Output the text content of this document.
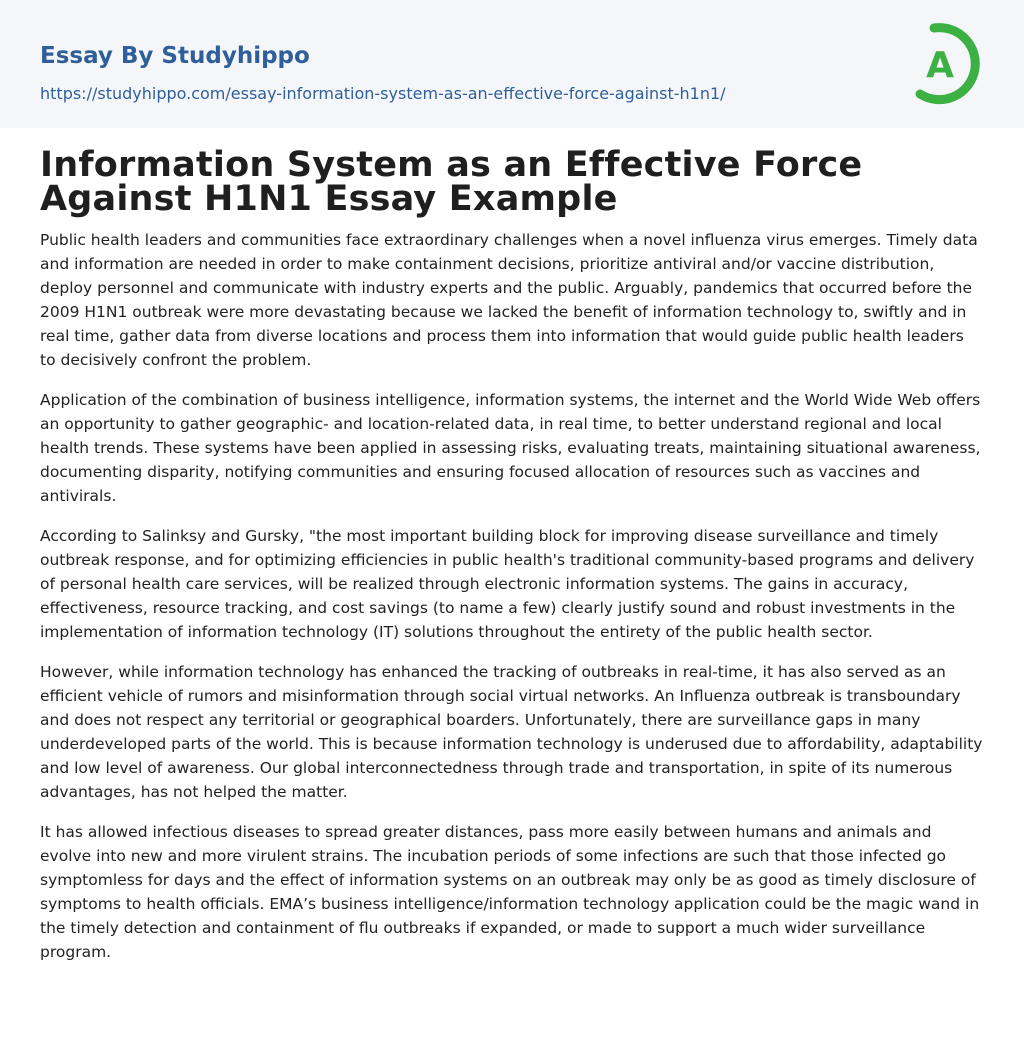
Essay By Studyhippo
https://studyhippo.com/essay-information-system-as-an-effective-force-against-h1n1/
A
Information System as an Effective Force Against H1N1 Essay Example

Public health leaders and communities face extraordinary challenges when a novel influenza virus emerges. Timely data and information are needed in order to make containment decisions, prioritize antiviral and/or vaccine distribution, deploy personnel and communicate with industry experts and the public. Arguably, pandemics that occurred before the 2009 H1N1 outbreak were more devastating because we lacked the benefit of information technology to, swiftly and in real time, gather data from diverse locations and process them into information that would guide public health leaders to decisively confront the problem.

Application of the combination of business intelligence, information systems, the internet and the World Wide Web offers an opportunity to gather geographic- and location-related data, in real time, to better understand regional and local health trends. These systems have been applied in assessing risks, evaluating treats, maintaining situational awareness, documenting disparity, notifying communities and ensuring focused allocation of resources such as vaccines and antivirals.

According to Salinksy and Gursky, "the most important building block for improving disease surveillance and timely outbreak response, and for optimizing efficiencies in public health's traditional community-based programs and delivery of personal health care services, will be realized through electronic information systems. The gains in accuracy, effectiveness, resource tracking, and cost savings (to name a few) clearly justify sound and robust investments in the implementation of information technology (IT) solutions throughout the entirety of the public health sector.

However, while information technology has enhanced the tracking of outbreaks in real-time, it has also served as an efficient vehicle of rumors and misinformation through social virtual networks. An Influenza outbreak is transboundary and does not respect any territorial or geographical boarders. Unfortunately, there are surveillance gaps in many underdeveloped parts of the world. This is because information technology is underused due to affordability, adaptability and low level of awareness. Our global interconnectedness through trade and transportation, in spite of its numerous advantages, has not helped the matter.

It has allowed infectious diseases to spread greater distances, pass more easily between humans and animals and evolve into new and more virulent strains. The incubation periods of some infections are such that those infected go symptomless for days and the effect of information systems on an outbreak may only be as good as timely disclosure of symptoms to health officials. EMA’s business intelligence/information technology application could be the magic wand in the timely detection and containment of flu outbreaks if expanded, or made to support a much wider surveillance program.
